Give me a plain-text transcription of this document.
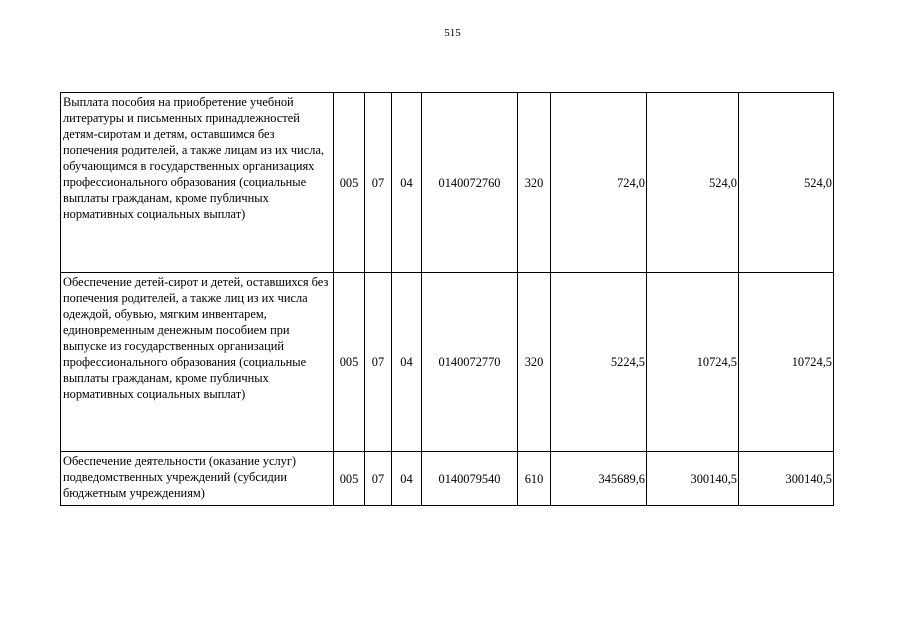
515
Выплата пособия на приобретение учебной литературы и письменных принадлежностей детям-сиротам и детям, оставшимся без попечения родителей, а также лицам из их числа, обучающимся в государственных организациях профессионального образования (социальные выплаты гражданам, кроме публичных нормативных социальных выплат)	005	07	04	0140072760	320	724,0	524,0	524,0
Обеспечение детей-сирот и детей, оставшихся без попечения родителей, а также лиц из их числа одеждой, обувью, мягким инвентарем, единовременным денежным пособием при выпуске из государственных организаций профессионального образования (социальные выплаты гражданам, кроме публичных нормативных социальных выплат)	005	07	04	0140072770	320	5224,5	10724,5	10724,5
Обеспечение деятельности (оказание услуг) подведомственных учреждений (субсидии бюджетным учреждениям)	005	07	04	0140079540	610	345689,6	300140,5	300140,5
